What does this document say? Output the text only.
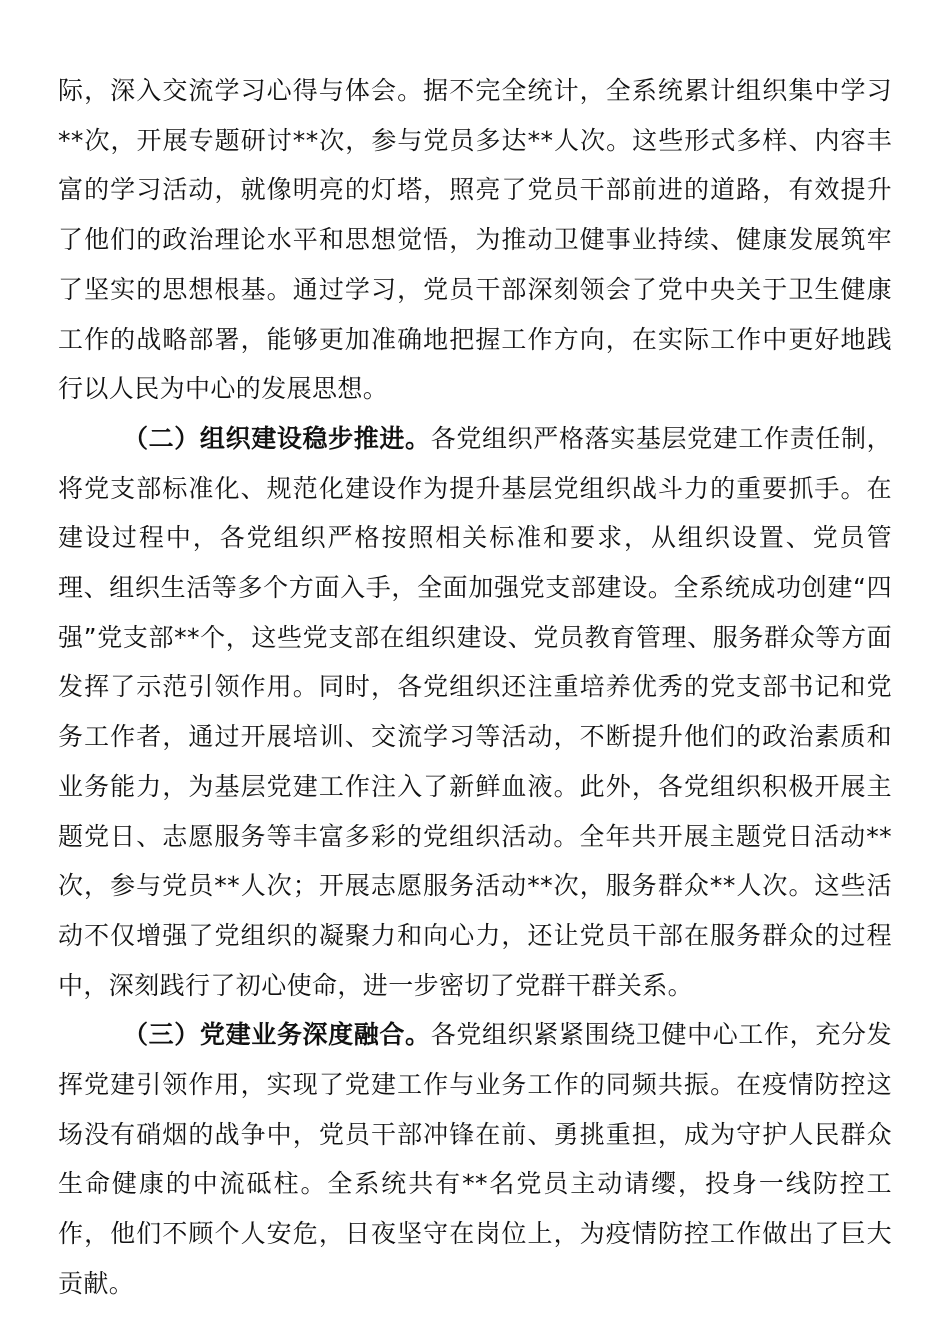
际，深入交流学习心得与体会。据不完全统计，全系统累计组织集中学习**次，开展专题研讨**次，参与党员多达**人次。这些形式多样、内容丰富的学习活动，就像明亮的灯塔，照亮了党员干部前进的道路，有效提升了他们的政治理论水平和思想觉悟，为推动卫健事业持续、健康发展筑牢了坚实的思想根基。通过学习，党员干部深刻领会了党中央关于卫生健康工作的战略部署，能够更加准确地把握工作方向，在实际工作中更好地践行以人民为中心的发展思想。

（二）组织建设稳步推进。各党组织严格落实基层党建工作责任制，将党支部标准化、规范化建设作为提升基层党组织战斗力的重要抓手。在建设过程中，各党组织严格按照相关标准和要求，从组织设置、党员管理、组织生活等多个方面入手，全面加强党支部建设。全系统成功创建“四强”党支部**个，这些党支部在组织建设、党员教育管理、服务群众等方面发挥了示范引领作用。同时，各党组织还注重培养优秀的党支部书记和党务工作者，通过开展培训、交流学习等活动，不断提升他们的政治素质和业务能力，为基层党建工作注入了新鲜血液。此外，各党组织积极开展主题党日、志愿服务等丰富多彩的党组织活动。全年共开展主题党日活动**次，参与党员**人次；开展志愿服务活动**次，服务群众**人次。这些活动不仅增强了党组织的凝聚力和向心力，还让党员干部在服务群众的过程中，深刻践行了初心使命，进一步密切了党群干群关系。

（三）党建业务深度融合。各党组织紧紧围绕卫健中心工作，充分发挥党建引领作用，实现了党建工作与业务工作的同频共振。在疫情防控这场没有硝烟的战争中，党员干部冲锋在前、勇挑重担，成为守护人民群众生命健康的中流砥柱。全系统共有**名党员主动请缨，投身一线防控工作，他们不顾个人安危，日夜坚守在岗位上，为疫情防控工作做出了巨大贡献。
